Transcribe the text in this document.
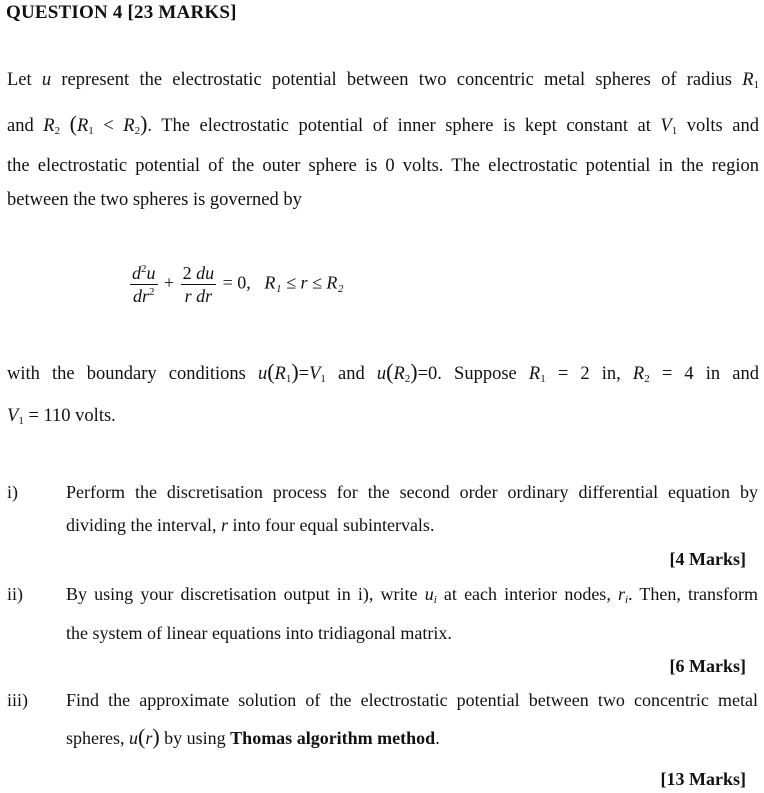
QUESTION 4 [23 MARKS]
Let u represent the electrostatic potential between two concentric metal spheres of radius $R_1$
and $R_2$ $(R_1 < R_2)$. The electrostatic potential of inner sphere is kept constant at $V_1$ volts and
the electrostatic potential of the outer sphere is 0 volts. The electrostatic potential in the region
between the two spheres is governed by
$\frac{d^2u}{dr^2} + \frac{2 du}{\text{r dr}} = 0$, R₁ ≤ r ≤ R₂
with the boundary conditions $u(R_1)=V_1$ and $u(R_2)=0$. Suppose $R_1 = 2$ in, $R_2 = 4$ in and
$V_1 = 110$ volts.
i)	Perform the discretisation process for the second order ordinary differential equation by
dividing the interval, r into four equal subintervals.
[4 Marks]
ii) By using your discretisation output in i), write $u_i$ at each interior nodes, $r_i$. Then, transform
the system of linear equations into tridiagonal matrix.
[6 Marks]
iii) Find the approximate solution of the electrostatic potential between two concentric metal
spheres, u(r) by using Thomas algorithm method.
[13 Marks]
